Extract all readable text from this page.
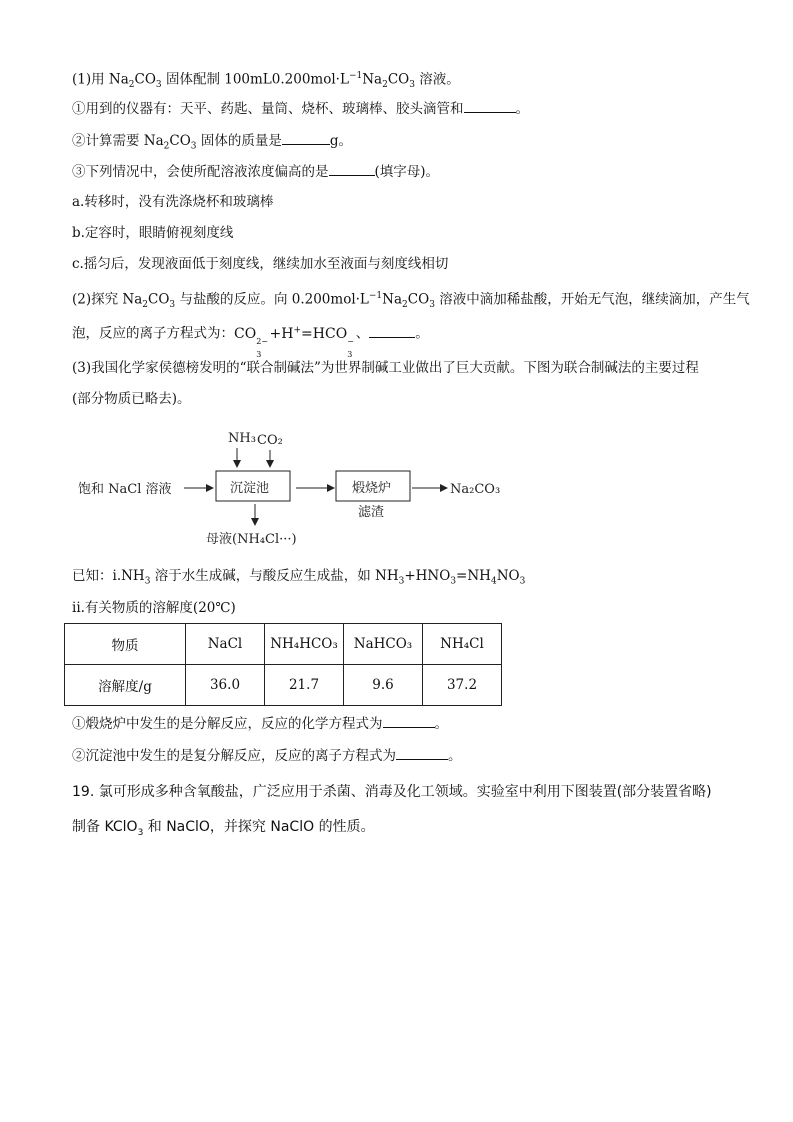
(1)用 $Na_2CO_3$ 固体配制 $100mL0.200mol\cdot L^{-1}Na_2CO_3$ 溶液。
①用到的仪器有：天平、药匙、量筒、烧杯、玻璃棒、胶头滴管和	。
②计算需要 $Na_2CO_3$ 固体的质量是	g。
③下列情况中，会使所配溶液浓度偏高的是	(填字母)。
a.转移时，没有洗涤烧杯和玻璃棒
b.定容时，眼睛俯视刻度线
c.摇匀后，发现液面低于刻度线，继续加水至液面与刻度线相切
(2)探究 $Na_2CO_3$ 与盐酸的反应。向 $0.200mol\cdot L^{-1}Na_2CO_3$ 溶液中滴加稀盐酸，开始无气泡，继续滴加，产生气
泡，反应的离子方程式为：CO 2−
3
+H+=HCO −
3
、	。
(3)我国化学家侯德榜发明的“联合制碱法”为世界制碱工业做出了巨大贡献。下图为联合制碱法的主要过程
(部分物质已略去)。
NH₃ CO₂
饱和 NaCl 溶液	沉淀池	煅烧炉
滤渣
Na₂CO₃
母液(NH₄Cl···)
已知：$i.NH_3$ 溶于水生成碱，与酸反应生成盐，如 $NH_3+HNO_3=NH_4NO_3$
ii.有关物质的溶解度(20℃)
物质	NaCl	NH₄HCO₃	NaHCO₃	NH₄Cl
溶解度/g	36.0	21.7	9.6	37.2
①煅烧炉中发生的是分解反应，反应的化学方程式为	。
②沉淀池中发生的是复分解反应，反应的离子方程式为	。
19. 氯可形成多种含氧酸盐，广泛应用于杀菌、消毒及化工领域。实验室中利用下图装置(部分装置省略)
制备 KClO$_3$ 和 NaClO，并探究 NaClO 的性质。
